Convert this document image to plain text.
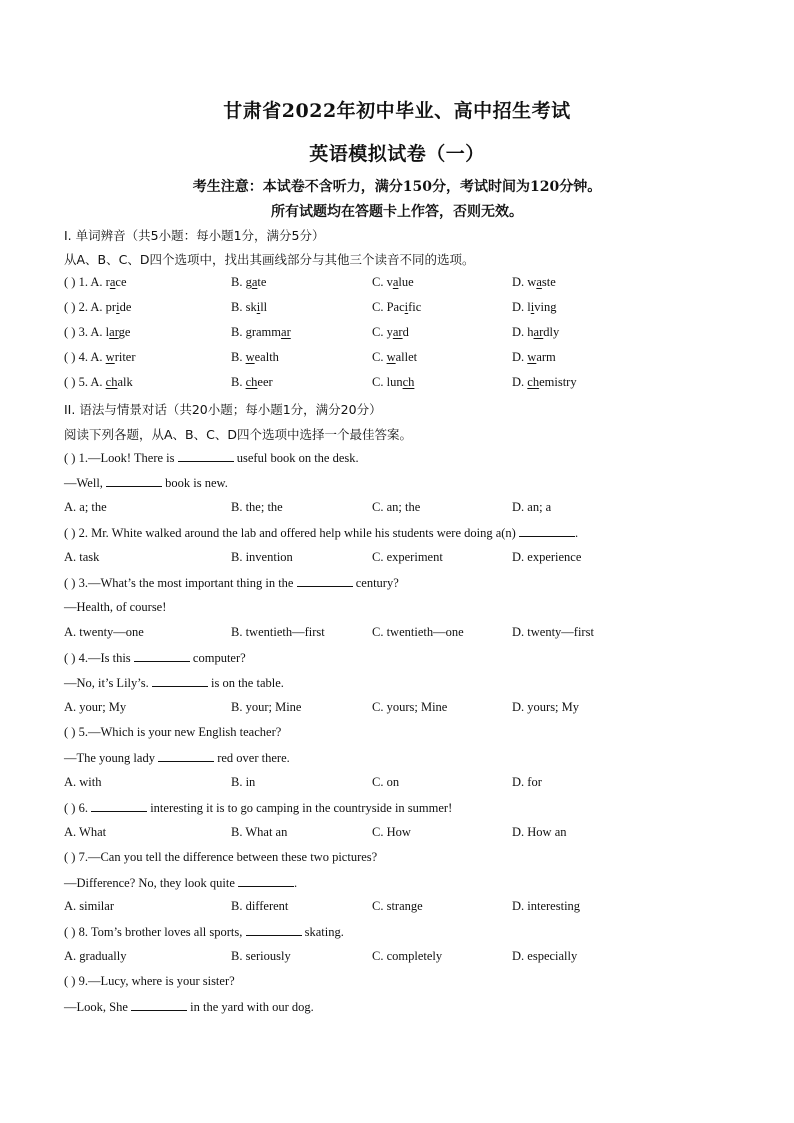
甘肃省2022年初中毕业、高中招生考试
英语模拟试卷（一）
考生注意：本试卷不含听力，满分150分，考试时间为120分钟。
所有试题均在答题卡上作答，否则无效。
I. 单词辨音（共5小题：每小题1分，满分5分）
从A、B、C、D四个选项中，找出其画线部分与其他三个读音不同的选项。
( ) 1. A. race	B. gate	C. value	D. waste
( ) 2. A. pride	B. skill	C. Pacific	D. living
( ) 3. A. large	B. grammar	C. yard	D. hardly
( ) 4. A. writer	B. wealth	C. wallet	D. warm
( ) 5. A. chalk	B. cheer	C. lunch	D. chemistry
II. 语法与情景对话（共20小题；每小题1分，满分20分）
阅读下列各题，从A、B、C、D四个选项中选择一个最佳答案。
( ) 1.—Look! There is	useful book on the desk.
—Well,	book is new.
A. a; the	B. the; the	C. an; the	D. an; a
( ) 2. Mr. White walked around the lab and offered help while his students were doing a(n)	.
A. task	B. invention	C. experiment	D. experience
( ) 3.—What’s the most important thing in the	century?
—Health, of course!
A. twenty—one	B. twentieth—first	C. twentieth—one	D. twenty—first
( ) 4.—Is this	computer?
—No, it’s Lily’s.	is on the table.
A. your; My	B. your; Mine	C. yours; Mine	D. yours; My
( ) 5.—Which is your new English teacher?
—The young lady	red over there.
A. with	B. in	C. on	D. for
( ) 6.	interesting it is to go camping in the countryside in summer!
A. What	B. What an	C. How	D. How an
( ) 7.—Can you tell the difference between these two pictures?
—Difference? No, they look quite	.
A. similar	B. different	C. strange	D. interesting
( ) 8. Tom’s brother loves all sports,	skating.
A. gradually	B. seriously	C. completely	D. especially
( ) 9.—Lucy, where is your sister?
—Look, She	in the yard with our dog.
